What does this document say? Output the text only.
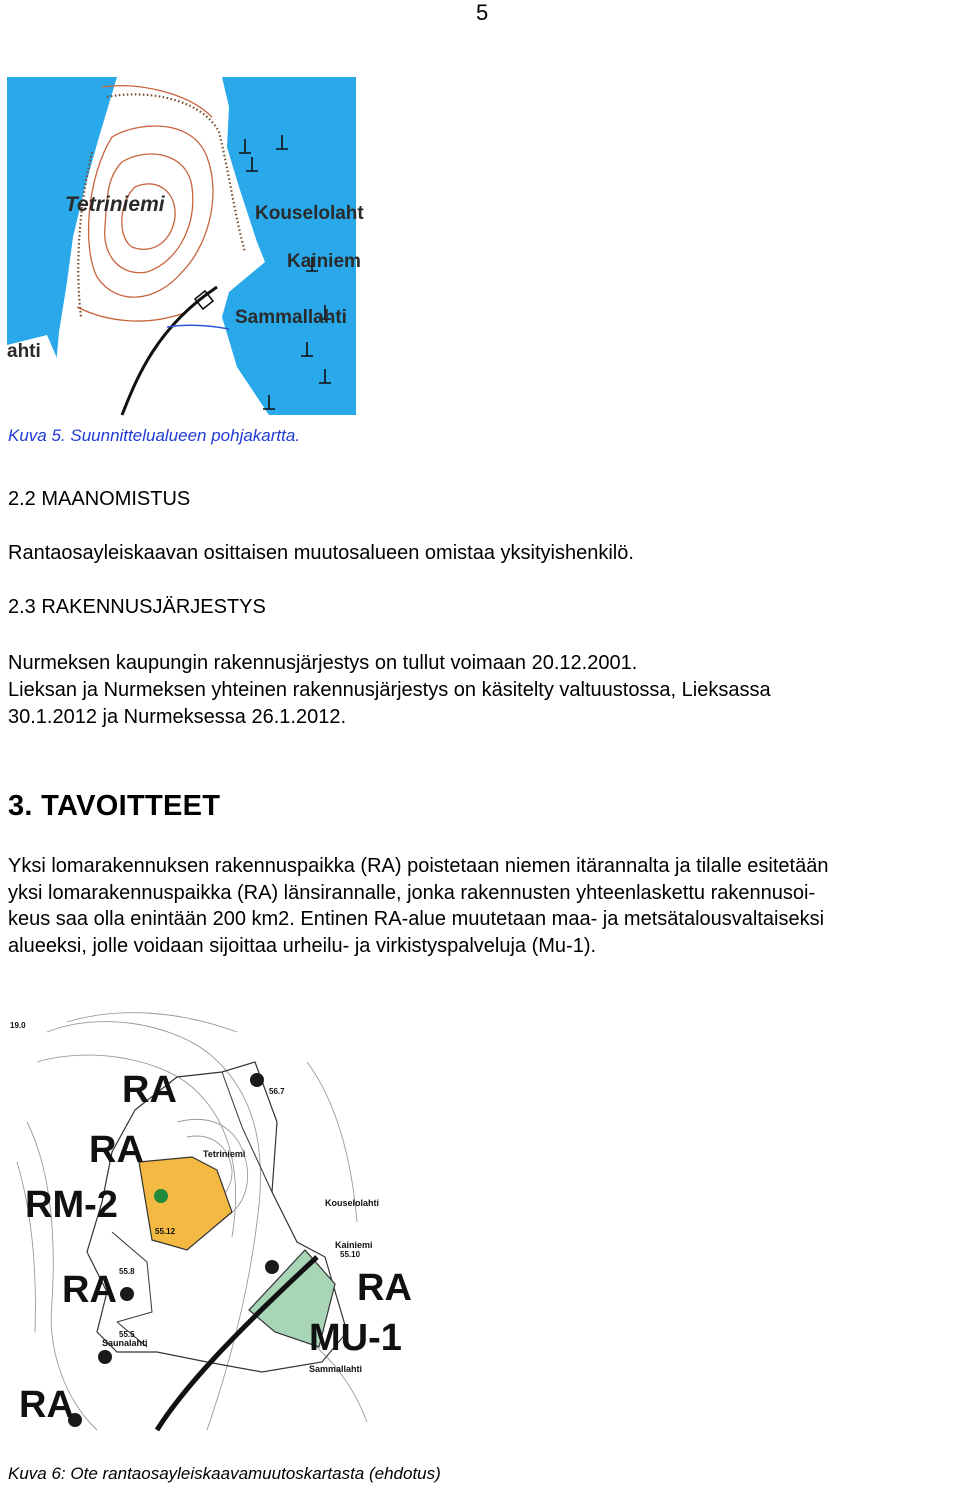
5
Tetriniemi	Kouselolaht
Kainiem
Sammallahti
ahti
Kuva 5. Suunnittelualueen pohjakartta.
2.2 MAANOMISTUS
Rantaosayleiskaavan osittaisen muutosalueen omistaa yksityishenkilö.
2.3 RAKENNUSJÄRJESTYS
Nurmeksen kaupungin rakennusjärjestys on tullut voimaan 20.12.2001.
Lieksan ja Nurmeksen yhteinen rakennusjärjestys on käsitelty valtuustossa, Lieksassa
30.1.2012 ja Nurmeksessa 26.1.2012.
3. TAVOITTEET
Yksi lomarakennuksen rakennuspaikka (RA) poistetaan niemen itärannalta ja tilalle esitetään
yksi lomarakennuspaikka (RA) länsirannalle, jonka rakennusten yhteenlaskettu rakennusoi-
keus saa olla enintään 200 km2. Entinen RA-alue muutetaan maa- ja metsätalousvaltaiseksi
alueeksi, jolle voidaan sijoittaa urheilu- ja virkistyspalveluja (Mu-1).
RA
RA
RM-2
RA	RA
MU-1
RA
Tetriniemi
Kouselolahti
Kainiemi
Saunalahti
Sammallahti
19.0
56.7
55.12
55.10
55.8
55.5
Kuva 6: Ote rantaosayleiskaavamuutoskartasta (ehdotus)
